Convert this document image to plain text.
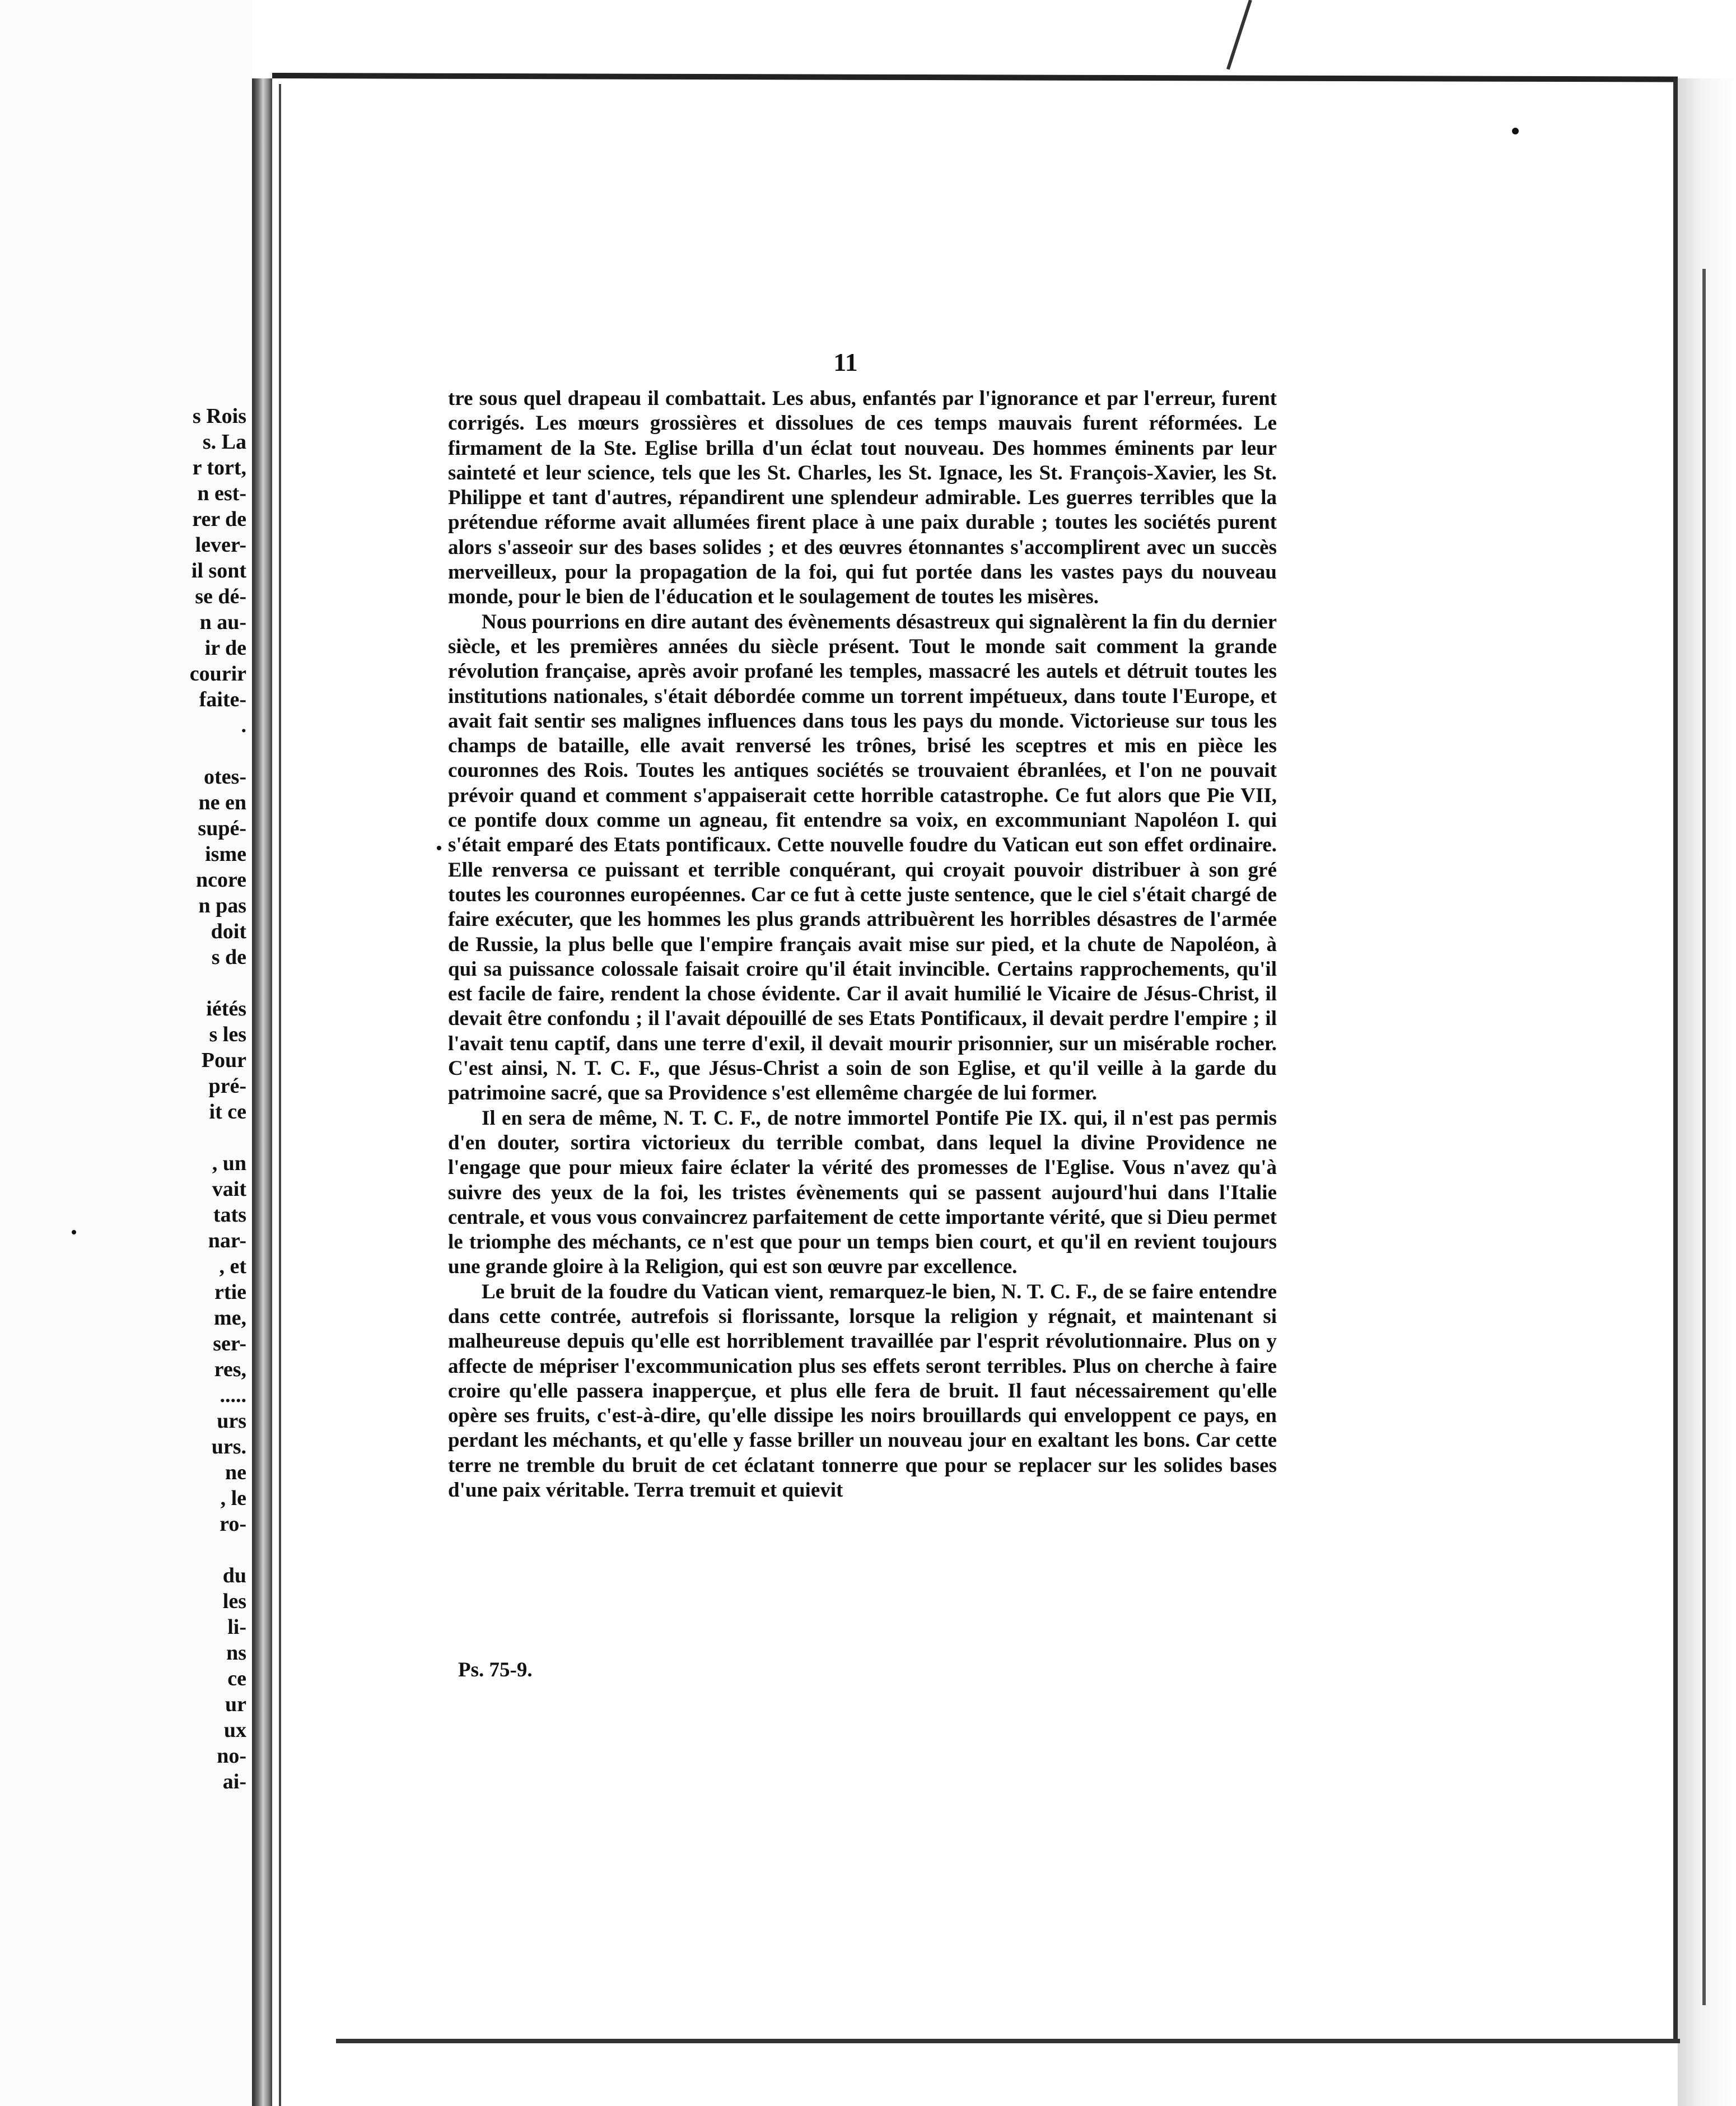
s Rois
s. La
r tort,
n est-
rer de
lever-
il sont
se dé-
n au-
ir de
courir
faite-
.
otes-
ne en
supé-
isme
ncore
n pas
doit
s de
iétés
s les
Pour
pré-
it ce
, un
vait
tats
nar-
, et
rtie
me,
ser-
res,
.....
urs
urs.
ne
, le
ro-
du
les
li-
ns
ce
ur
ux
no-
ai-
11

tre sous quel drapeau il combattait. Les abus, enfantés par l'ignorance et par l'erreur, furent corrigés. Les mœurs grossières et dissolues de ces temps mauvais furent réformées. Le firmament de la Ste. Eglise brilla d'un éclat tout nouveau. Des hommes éminents par leur sainteté et leur science, tels que les St. Charles, les St. Ignace, les St. François-Xavier, les St. Philippe et tant d'autres, répandirent une splendeur admirable. Les guerres terribles que la prétendue réforme avait allumées firent place à une paix durable ; toutes les sociétés purent alors s'asseoir sur des bases solides ; et des œuvres étonnantes s'accomplirent avec un succès merveilleux, pour la propagation de la foi, qui fut portée dans les vastes pays du nouveau monde, pour le bien de l'éducation et le soulagement de toutes les misères.

Nous pourrions en dire autant des évènements désastreux qui signalèrent la fin du dernier siècle, et les premières années du siècle présent. Tout le monde sait comment la grande révolution française, après avoir profané les temples, massacré les autels et détruit toutes les institutions nationales, s'était débordée comme un torrent impétueux, dans toute l'Europe, et avait fait sentir ses malignes influences dans tous les pays du monde. Victorieuse sur tous les champs de bataille, elle avait renversé les trônes, brisé les sceptres et mis en pièce les couronnes des Rois. Toutes les antiques sociétés se trouvaient ébranlées, et l'on ne pouvait prévoir quand et comment s'appaiserait cette horrible catastrophe. Ce fut alors que Pie VII, ce pontife doux comme un agneau, fit entendre sa voix, en excommuniant Napoléon I. qui s'était emparé des Etats pontificaux. Cette nouvelle foudre du Vatican eut son effet ordinaire. Elle renversa ce puissant et terrible conquérant, qui croyait pouvoir distribuer à son gré toutes les couronnes européennes. Car ce fut à cette juste sentence, que le ciel s'était chargé de faire exécuter, que les hommes les plus grands attribuèrent les horribles désastres de l'armée de Russie, la plus belle que l'empire français avait mise sur pied, et la chute de Napoléon, à qui sa puissance colossale faisait croire qu'il était invincible. Certains rapprochements, qu'il est facile de faire, rendent la chose évidente. Car il avait humilié le Vicaire de Jésus-Christ, il devait être confondu ; il l'avait dépouillé de ses Etats Pontificaux, il devait perdre l'empire ; il l'avait tenu captif, dans une terre d'exil, il devait mourir prisonnier, sur un misérable rocher. C'est ainsi, N. T. C. F., que Jésus-Christ a soin de son Eglise, et qu'il veille à la garde du patrimoine sacré, que sa Providence s'est ellemême chargée de lui former.

Il en sera de même, N. T. C. F., de notre immortel Pontife Pie IX. qui, il n'est pas permis d'en douter, sortira victorieux du terrible combat, dans lequel la divine Providence ne l'engage que pour mieux faire éclater la vérité des promesses de l'Eglise. Vous n'avez qu'à suivre des yeux de la foi, les tristes évènements qui se passent aujourd'hui dans l'Italie centrale, et vous vous convaincrez parfaitement de cette importante vérité, que si Dieu permet le triomphe des méchants, ce n'est que pour un temps bien court, et qu'il en revient toujours une grande gloire à la Religion, qui est son œuvre par excellence.

Le bruit de la foudre du Vatican vient, remarquez-le bien, N. T. C. F., de se faire entendre dans cette contrée, autrefois si florissante, lorsque la religion y régnait, et maintenant si malheureuse depuis qu'elle est horriblement travaillée par l'esprit révolutionnaire. Plus on y affecte de mépriser l'excommunication plus ses effets seront terribles. Plus on cherche à faire croire qu'elle passera inapperçue, et plus elle fera de bruit. Il faut nécessairement qu'elle opère ses fruits, c'est-à-dire, qu'elle dissipe les noirs brouillards qui enveloppent ce pays, en perdant les méchants, et qu'elle y fasse briller un nouveau jour en exaltant les bons. Car cette terre ne tremble du bruit de cet éclatant tonnerre que pour se replacer sur les solides bases d'une paix véritable. Terra tremuit et quievit

Ps. 75-9.
